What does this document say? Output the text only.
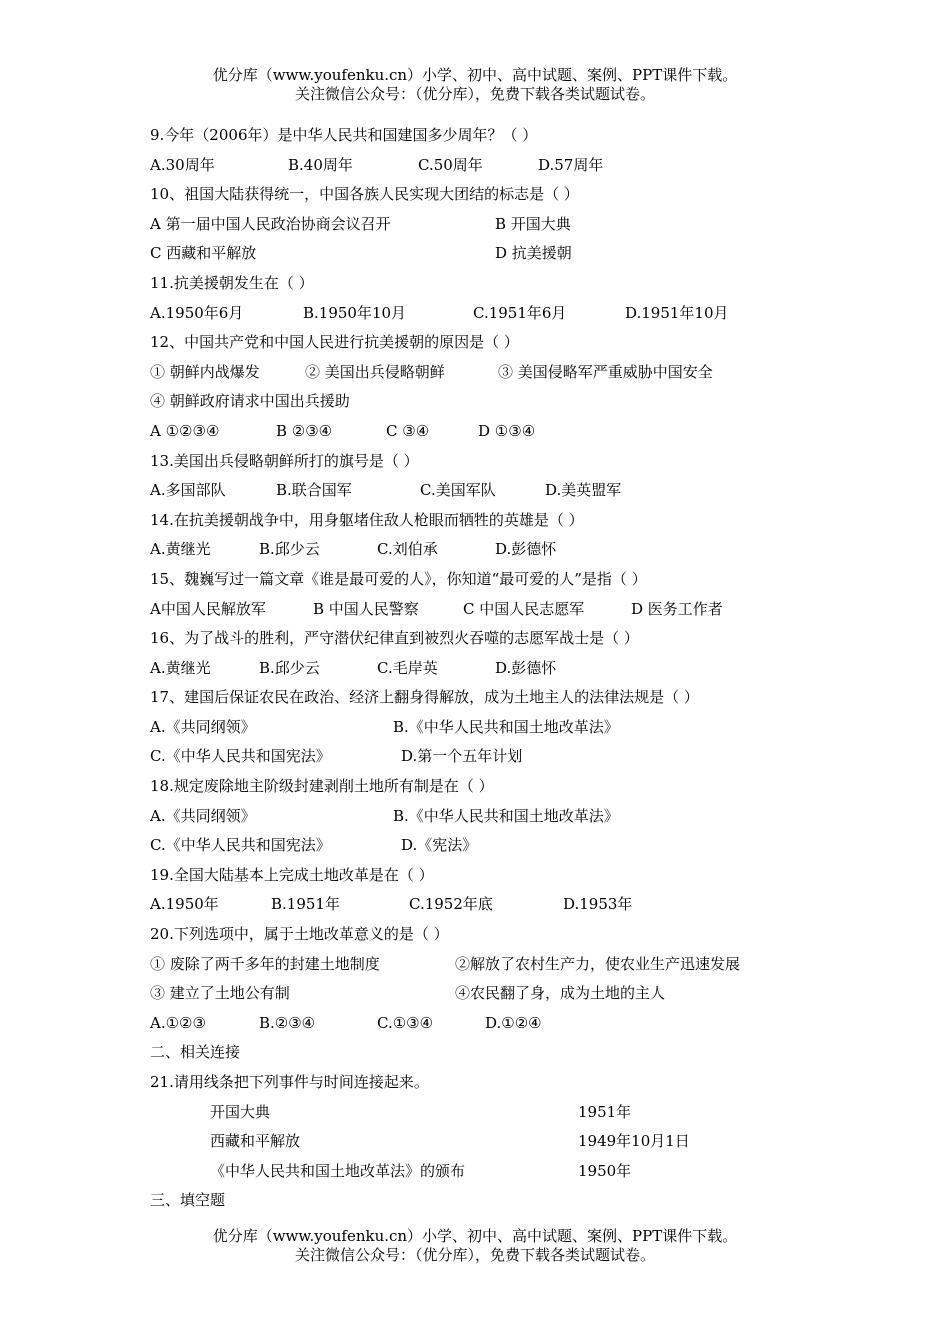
优分库（www.youfenku.cn）小学、初中、高中试题、案例、PPT课件下载。
关注微信公众号：（优分库），免费下载各类试题试卷。
9.今年（2006年）是中华人民共和国建国多少周年？（ ）
A.30周年	B.40周年	C.50周年	D.57周年
10、祖国大陆获得统一，中国各族人民实现大团结的标志是（ ）
A 第一届中国人民政治协商会议召开	B 开国大典
C 西藏和平解放	D 抗美援朝
11.抗美援朝发生在（ ）
A.1950年6月	B.1950年10月	C.1951年6月	D.1951年10月
12、中国共产党和中国人民进行抗美援朝的原因是（ ）
① 朝鲜内战爆发	② 美国出兵侵略朝鲜	③ 美国侵略军严重威胁中国安全
④ 朝鲜政府请求中国出兵援助
A ①②③④	B ②③④	C ③④	D ①③④
13.美国出兵侵略朝鲜所打的旗号是（ ）
A.多国部队	B.联合国军	C.美国军队	D.美英盟军
14.在抗美援朝战争中，用身躯堵住敌人枪眼而牺牲的英雄是（ ）
A.黄继光	B.邱少云	C.刘伯承	D.彭德怀
15、魏巍写过一篇文章《谁是最可爱的人》，你知道“最可爱的人”是指（ ）
A中国人民解放军	B 中国人民警察	C 中国人民志愿军	D 医务工作者
16、为了战斗的胜利，严守潜伏纪律直到被烈火吞噬的志愿军战士是（ ）
A.黄继光	B.邱少云	C.毛岸英	D.彭德怀
17、建国后保证农民在政治、经济上翻身得解放，成为土地主人的法律法规是（ ）
A.《共同纲领》	B.《中华人民共和国土地改革法》
C.《中华人民共和国宪法》	D.第一个五年计划
18.规定废除地主阶级封建剥削土地所有制是在（ ）
A.《共同纲领》	B.《中华人民共和国土地改革法》
C.《中华人民共和国宪法》	D.《宪法》
19.全国大陆基本上完成土地改革是在（ ）
A.1950年	B.1951年	C.1952年底	D.1953年
20.下列选项中，属于土地改革意义的是（ ）
① 废除了两千多年的封建土地制度	②解放了农村生产力，使农业生产迅速发展
③ 建立了土地公有制	④农民翻了身，成为土地的主人
A.①②③	B.②③④	C.①③④	D.①②④
二、相关连接
21.请用线条把下列事件与时间连接起来。
开国大典	1951年
西藏和平解放	1949年10月1日
《中华人民共和国土地改革法》的颁布	1950年
三、填空题
优分库（www.youfenku.cn）小学、初中、高中试题、案例、PPT课件下载。
关注微信公众号：（优分库），免费下载各类试题试卷。
